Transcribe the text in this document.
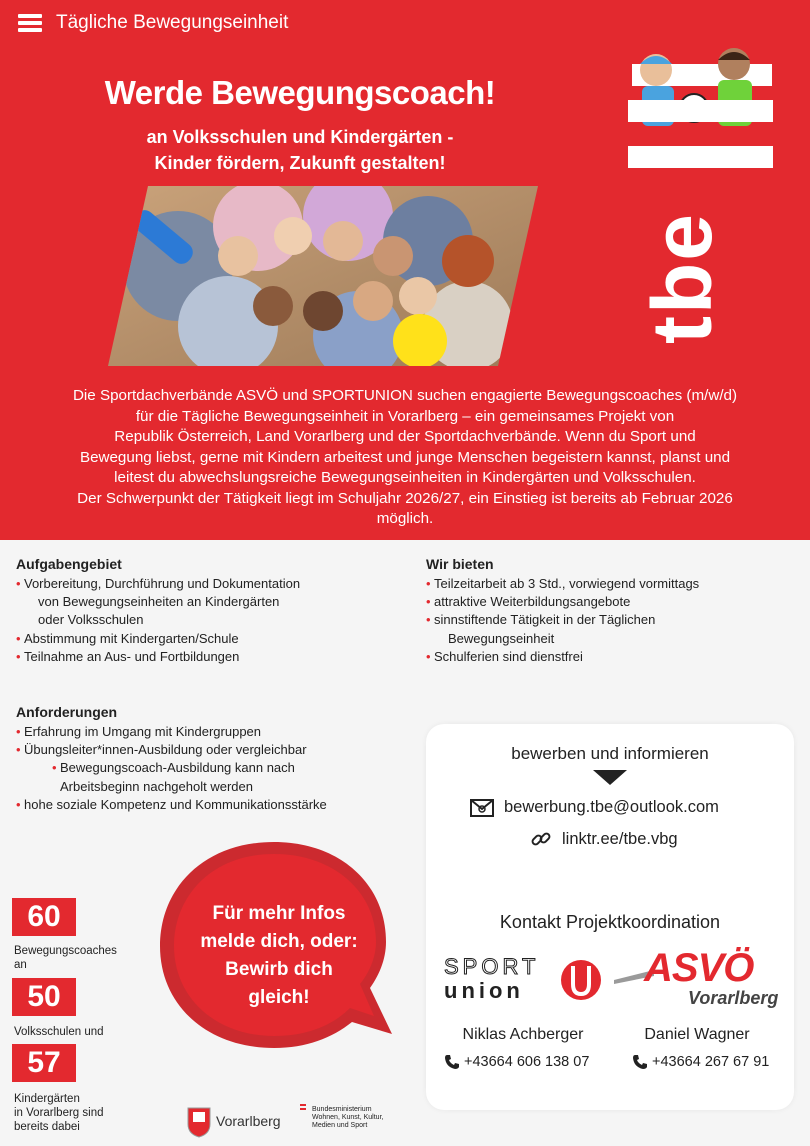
Tägliche Bewegungseinheit
Werde Bewegungscoach!
an Volksschulen und Kindergärten -
Kinder fördern, Zukunft gestalten!
tbe
Die Sportdachverbände ASVÖ und SPORTUNION suchen engagierte Bewegungscoaches (m/w/d)
für die Tägliche Bewegungseinheit in Vorarlberg – ein gemeinsames Projekt von
Republik Österreich, Land Vorarlberg und der Sportdachverbände. Wenn du Sport und
Bewegung liebst, gerne mit Kindern arbeitest und junge Menschen begeistern kannst, planst und
leitest du abwechslungsreiche Bewegungseinheiten in Kindergärten und Volksschulen.
Der Schwerpunkt der Tätigkeit liegt im Schuljahr 2026/27, ein Einstieg ist bereits ab Februar 2026
möglich.
Aufgabengebiet
• Vorbereitung, Durchführung und Dokumentation
von Bewegungseinheiten an Kindergärten
oder Volksschulen
• Abstimmung mit Kindergarten/Schule
• Teilnahme an Aus- und Fortbildungen
Wir bieten
• Teilzeitarbeit ab 3 Std., vorwiegend vormittags
• attraktive Weiterbildungsangebote
• sinnstiftende Tätigkeit in der Täglichen
Bewegungseinheit
• Schulferien sind dienstfrei
Anforderungen
• Erfahrung im Umgang mit Kindergruppen
• Übungsleiter*innen-Ausbildung oder vergleichbar
• Bewegungscoach-Ausbildung kann nach
Arbeitsbeginn nachgeholt werden
• hohe soziale Kompetenz und Kommunikationsstärke
bewerben und informieren
bewerbung.tbe@outlook.com
linktr.ee/tbe.vbg
Kontakt Projektkoordination
SPORT
union
ASVÖ
Vorarlberg
Niklas Achberger	Daniel Wagner
+43664 606 138 07	+43664 267 67 91
60
Bewegungscoaches
an
50
Volksschulen und
57
Kindergärten
in Vorarlberg sind
bereits dabei
Für mehr Infos
melde dich, oder:
Bewirb dich
gleich!
Vorarlberg
Bundesministerium
Wohnen, Kunst, Kultur,
Medien und Sport
